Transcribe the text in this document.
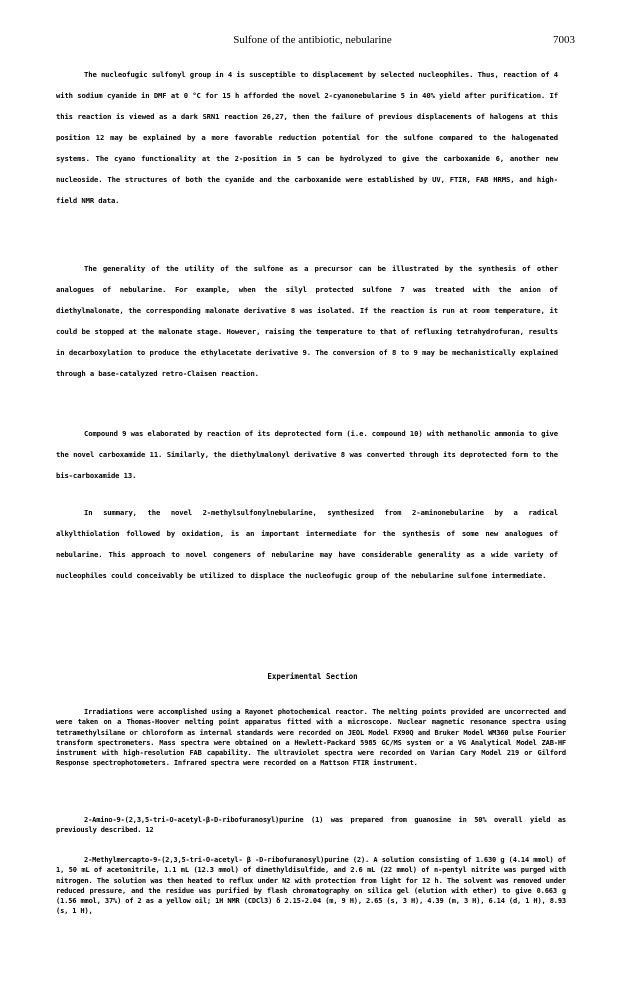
Sulfone of the antibiotic, nebularine	7003

The nucleofugic sulfonyl group in 4 is susceptible to displacement by selected nucleophiles. Thus, reaction of 4 with sodium cyanide in DMF at 0 °C for 15 h afforded the novel 2-cyanonebularine 5 in 40% yield after purification. If this reaction is viewed as a dark SRN1 reaction 26,27, then the failure of previous displacements of halogens at this position 12 may be explained by a more favorable reduction potential for the sulfone compared to the halogenated systems. The cyano functionality at the 2-position in 5 can be hydrolyzed to give the carboxamide 6, another new nucleoside. The structures of both the cyanide and the carboxamide were established by UV, FTIR, FAB HRMS, and high-field NMR data.

The generality of the utility of the sulfone as a precursor can be illustrated by the synthesis of other analogues of nebularine. For example, when the silyl protected sulfone 7 was treated with the anion of diethylmalonate, the corresponding malonate derivative 8 was isolated. If the reaction is run at room temperature, it could be stopped at the malonate stage. However, raising the temperature to that of refluxing tetrahydrofuran, results in decarboxylation to produce the ethylacetate derivative 9. The conversion of 8 to 9 may be mechanistically explained through a base-catalyzed retro-Claisen reaction.

Compound 9 was elaborated by reaction of its deprotected form (i.e. compound 10) with methanolic ammonia to give the novel carboxamide 11. Similarly, the diethylmalonyl derivative 8 was converted through its deprotected form to the bis-carboxamide 13.

In summary, the novel 2-methylsulfonylnebularine, synthesized from 2-aminonebularine by a radical alkylthiolation followed by oxidation, is an important intermediate for the synthesis of some new analogues of nebularine. This approach to novel congeners of nebularine may have considerable generality as a wide variety of nucleophiles could conceivably be utilized to displace the nucleofugic group of the nebularine sulfone intermediate.

Experimental Section

Irradiations were accomplished using a Rayonet photochemical reactor. The melting points provided are uncorrected and were taken on a Thomas-Hoover melting point apparatus fitted with a microscope. Nuclear magnetic resonance spectra using tetramethylsilane or chloroform as internal standards were recorded on JEOL Model FX90Q and Bruker Model WM360 pulse Fourier transform spectrometers. Mass spectra were obtained on a Hewlett-Packard 5985 GC/MS system or a VG Analytical Model ZAB-HF instrument with high-resolution FAB capability. The ultraviolet spectra were recorded on Varian Cary Model 219 or Gilford Response spectrophotometers. Infrared spectra were recorded on a Mattson FTIR instrument.

2-Amino-9-(2,3,5-tri-O-acetyl-β-D-ribofuranosyl)purine (1) was prepared from guanosine in 50% overall yield as previously described. 12

2-Methylmercapto-9-(2,3,5-tri-O-acetyl- β -D-ribofuranosyl)purine (2). A solution consisting of 1.630 g (4.14 mmol) of 1, 50 mL of acetonitrile, 1.1 mL (12.3 mmol) of dimethyldisulfide, and 2.6 mL (22 mmol) of n-pentyl nitrite was purged with nitrogen. The solution was then heated to reflux under N2 with protection from light for 12 h. The solvent was removed under reduced pressure, and the residue was purified by flash chromatography on silica gel (elution with ether) to give 0.663 g (1.56 mmol, 37%) of 2 as a yellow oil; 1H NMR (CDCl3) δ 2.15-2.04 (m, 9 H), 2.65 (s, 3 H), 4.39 (m, 3 H), 6.14 (d, 1 H), 8.93 (s, 1 H),
